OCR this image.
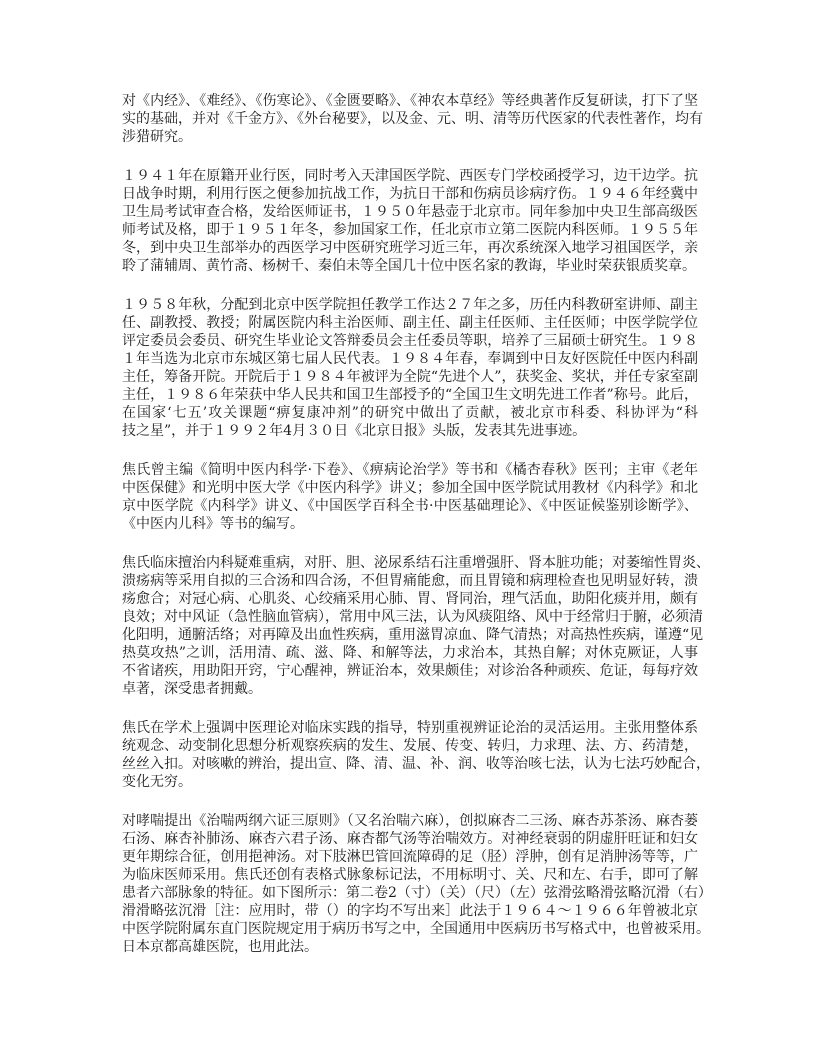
对《内经》、《难经》、《伤寒论》、《金匮要略》、《神农本草经》等经典著作反复研读，打下了坚
实的基础，并对《千金方》、《外台秘要》，以及金、元、明、清等历代医家的代表性著作，均有
涉猎研究。
１９４１年在原籍开业行医，同时考入天津国医学院、西医专门学校函授学习，边干边学。抗
日战争时期，利用行医之便参加抗战工作，为抗日干部和伤病员诊病疗伤。１９４６年经冀中
卫生局考试审查合格，发给医师证书，１９５０年悬壶于北京市。同年参加中央卫生部高级医
师考试及格，即于１９５１年冬，参加国家工作，任北京市立第二医院内科医师。１９５５年
冬，到中央卫生部举办的西医学习中医研究班学习近三年，再次系统深入地学习祖国医学，亲
聆了蒲辅周、黄竹斋、杨树千、秦伯未等全国几十位中医名家的教诲，毕业时荣获银质奖章。
１９５８年秋，分配到北京中医学院担任教学工作达２７年之多，历任内科教研室讲师、副主
任、副教授、教授；附属医院内科主治医师、副主任、副主任医师、主任医师；中医学院学位
评定委员会委员、研究生毕业论文答辩委员会主任委员等职，培养了三届硕士研究生。１９８
１年当选为北京市东城区第七届人民代表。１９８４年春，奉调到中日友好医院任中医内科副
主任，筹备开院。开院后于１９８４年被评为全院“先进个人”，获奖金、奖状，并任专家室副
主任，１９８６年荣获中华人民共和国卫生部授予的“全国卫生文明先进工作者”称号。此后，
在国家‘七五’攻关课题“痹复康冲剂”的研究中做出了贡献，被北京市科委、科协评为“科
技之星”，并于１９９２年4月３０日《北京日报》头版，发表其先进事迹。
焦氏曾主编《简明中医内科学·下卷》、《痹病论治学》等书和《橘杏春秋》医刊；主审《老年
中医保健》和光明中医大学《中医内科学》讲义；参加全国中医学院试用教材《内科学》和北
京中医学院《内科学》讲义、《中国医学百科全书·中医基础理论》、《中医证候鉴别诊断学》、
《中医内儿科》等书的编写。
焦氏临床擅治内科疑难重病，对肝、胆、泌尿系结石注重增强肝、肾本脏功能；对萎缩性胃炎、
溃疡病等采用自拟的三合汤和四合汤，不但胃痛能愈，而且胃镜和病理检查也见明显好转，溃
疡愈合；对冠心病、心肌炎、心绞痛采用心肺、胃、肾同治，理气活血，助阳化痰并用，颇有
良效；对中风证（急性脑血管病），常用中风三法，认为风痰阻络、风中于经常归于腑，必须清
化阳明，通腑活络；对再障及出血性疾病，重用滋胃凉血、降气清热；对高热性疾病，谨遵“见
热莫攻热”之训，活用清、疏、滋、降、和解等法，力求治本，其热自解；对休克厥证，人事
不省诸疾，用助阳开窍，宁心醒神，辨证治本，效果颇佳；对诊治各种顽疾、危证，每每疗效
卓著，深受患者拥戴。
焦氏在学术上强调中医理论对临床实践的指导，特别重视辨证论治的灵活运用。主张用整体系
统观念、动变制化思想分析观察疾病的发生、发展、传变、转归，力求理、法、方、药清楚，
丝丝入扣。对咳嗽的辨治，提出宣、降、清、温、补、润、收等治咳七法，认为七法巧妙配合，
变化无穷。
对哮喘提出《治喘两纲六证三原则》（又名治喘六麻），创拟麻杏二三汤、麻杏苏茶汤、麻杏蒌
石汤、麻杏补肺汤、麻杏六君子汤、麻杏都气汤等治喘效方。对神经衰弱的阴虚肝旺证和妇女
更年期综合征，创用挹神汤。对下肢淋巴管回流障碍的足（胫）浮肿，创有足消肿汤等等，广
为临床医师采用。焦氏还创有表格式脉象标记法，不用标明寸、关、尺和左、右手，即可了解
患者六部脉象的特征。如下图所示：第二卷2（寸）（关）（尺）（左）弦滑弦略滑弦略沉滑（右）
滑滑略弦沉滑［注：应用时，带（）的字均不写出来］此法于１９６４～１９６６年曾被北京
中医学院附属东直门医院规定用于病历书写之中，全国通用中医病历书写格式中，也曾被采用。
日本京都高雄医院，也用此法。
